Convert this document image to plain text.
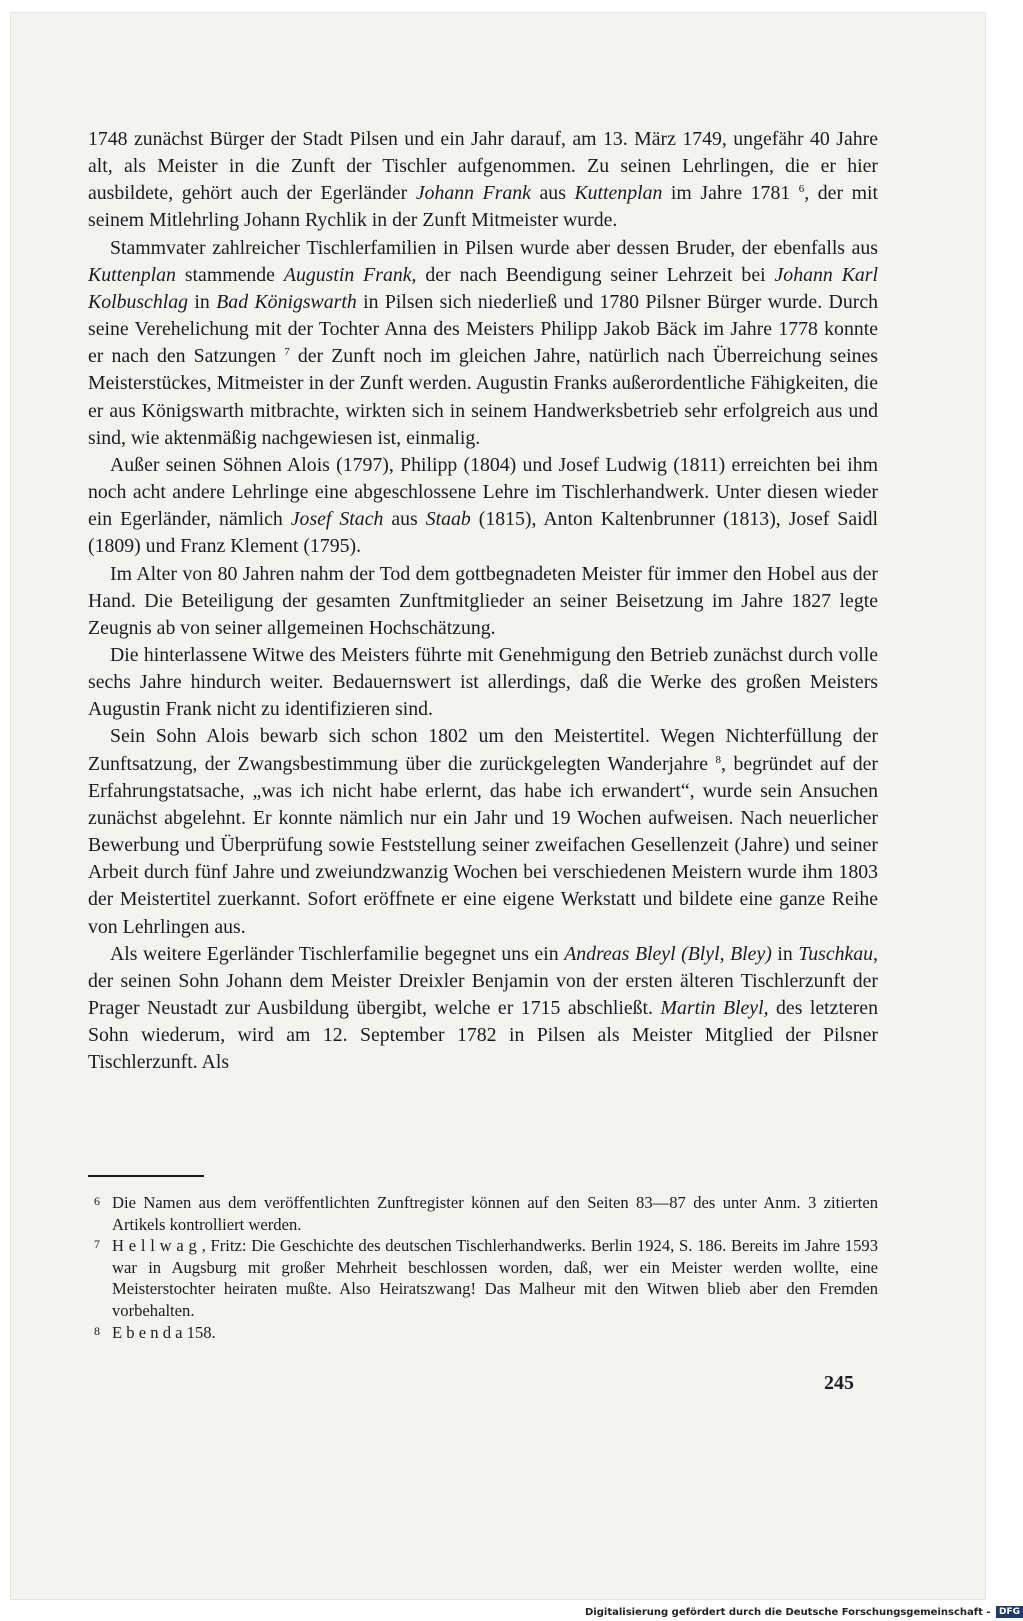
1748 zunächst Bürger der Stadt Pilsen und ein Jahr darauf, am 13. März 1749, ungefähr 40 Jahre alt, als Meister in die Zunft der Tischler aufgenommen. Zu seinen Lehrlingen, die er hier ausbildete, gehört auch der Egerländer Johann Frank aus Kuttenplan im Jahre 1781 $^6$, der mit seinem Mitlehrling Johann Rychlik in der Zunft Mitmeister wurde.

Stammvater zahlreicher Tischlerfamilien in Pilsen wurde aber dessen Bruder, der ebenfalls aus Kuttenplan stammende Augustin Frank, der nach Beendigung seiner Lehrzeit bei Johann Karl Kolbuschlag in Bad Königswarth in Pilsen sich niederließ und 1780 Pilsner Bürger wurde. Durch seine Verehelichung mit der Tochter Anna des Meisters Philipp Jakob Bäck im Jahre 1778 konnte er nach den Satzungen $^7$ der Zunft noch im gleichen Jahre, natürlich nach Überreichung seines Meisterstückes, Mitmeister in der Zunft werden. Augustin Franks außerordentliche Fähigkeiten, die er aus Königswarth mitbrachte, wirkten sich in seinem Handwerksbetrieb sehr erfolgreich aus und sind, wie aktenmäßig nachgewiesen ist, einmalig.

Außer seinen Söhnen Alois (1797), Philipp (1804) und Josef Ludwig (1811) erreichten bei ihm noch acht andere Lehrlinge eine abgeschlossene Lehre im Tischlerhandwerk. Unter diesen wieder ein Egerländer, nämlich Josef Stach aus Staab (1815), Anton Kaltenbrunner (1813), Josef Saidl (1809) und Franz Klement (1795).

Im Alter von 80 Jahren nahm der Tod dem gottbegnadeten Meister für immer den Hobel aus der Hand. Die Beteiligung der gesamten Zunftmitglieder an seiner Beisetzung im Jahre 1827 legte Zeugnis ab von seiner allgemeinen Hochschätzung.

Die hinterlassene Witwe des Meisters führte mit Genehmigung den Betrieb zunächst durch volle sechs Jahre hindurch weiter. Bedauernswert ist allerdings, daß die Werke des großen Meisters Augustin Frank nicht zu identifizieren sind.

Sein Sohn Alois bewarb sich schon 1802 um den Meistertitel. Wegen Nichterfüllung der Zunftsatzung, der Zwangsbestimmung über die zurückgelegten Wanderjahre $^8$, begründet auf der Erfahrungstatsache, „was ich nicht habe erlernt, das habe ich erwandert“, wurde sein Ansuchen zunächst abgelehnt. Er konnte nämlich nur ein Jahr und 19 Wochen aufweisen. Nach neuerlicher Bewerbung und Überprüfung sowie Feststellung seiner zweifachen Gesellenzeit (Jahre) und seiner Arbeit durch fünf Jahre und zweiundzwanzig Wochen bei verschiedenen Meistern wurde ihm 1803 der Meistertitel zuerkannt. Sofort eröffnete er eine eigene Werkstatt und bildete eine ganze Reihe von Lehrlingen aus.

Als weitere Egerländer Tischlerfamilie begegnet uns ein Andreas Bleyl (Blyl, Bley) in Tuschkau, der seinen Sohn Johann dem Meister Dreixler Benjamin von der ersten älteren Tischlerzunft der Prager Neustadt zur Ausbildung übergibt, welche er 1715 abschließt. Martin Bleyl, des letzteren Sohn wiederum, wird am 12. September 1782 in Pilsen als Meister Mitglied der Pilsner Tischlerzunft. Als

6 Die Namen aus dem veröffentlichten Zunftregister können auf den Seiten 83—87 des unter Anm. 3 zitierten Artikels kontrolliert werden.
7 H e l l w a g , Fritz: Die Geschichte des deutschen Tischlerhandwerks. Berlin 1924, S. 186. Bereits im Jahre 1593 war in Augsburg mit großer Mehrheit beschlossen worden, daß, wer ein Meister werden wollte, eine Meisterstochter heiraten mußte. Also Heiratszwang! Das Malheur mit den Witwen blieb aber den Fremden vorbehalten.
8 E b e n d a 158.
245
Digitalisierung gefördert durch die Deutsche Forschungsgemeinschaft - DFG
